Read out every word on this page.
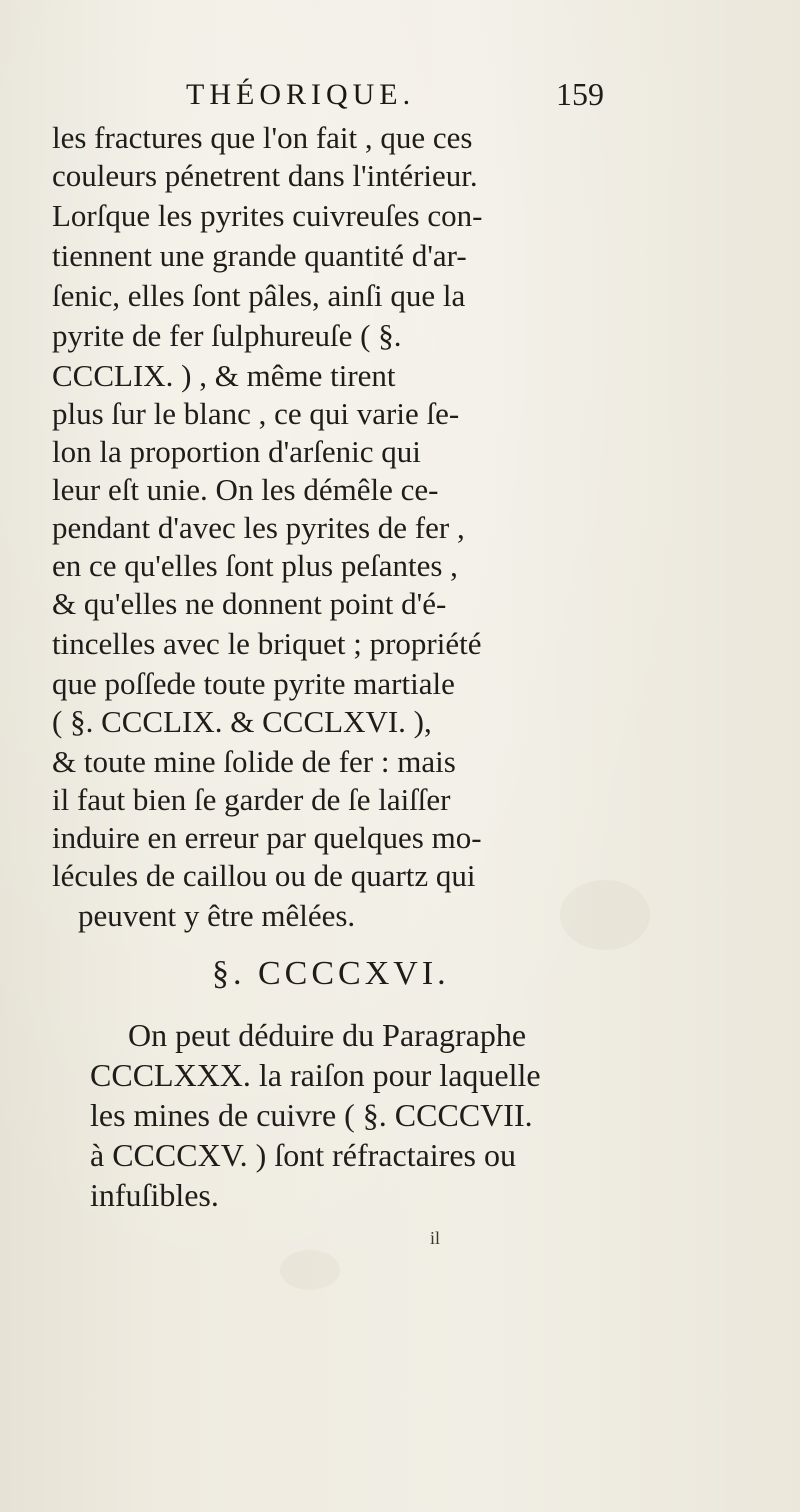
THÉORIQUE.	159
les fractures que l'on fait , que ces
couleurs pénetrent dans l'intérieur.
Lorſque les pyrites cuivreuſes con-
tiennent une grande quantité d'ar-
ſenic, elles ſont pâles, ainſi que la
pyrite de fer ſulphureuſe ( §.
CCCLIX. ) , & même tirent
plus ſur le blanc , ce qui varie ſe-
lon la proportion d'arſenic qui
leur eſt unie. On les démêle ce-
pendant d'avec les pyrites de fer ,
en ce qu'elles ſont plus peſantes ,
& qu'elles ne donnent point d'é-
tincelles avec le briquet ; propriété
que poſſede toute pyrite martiale
( §. CCCLIX. & CCCLXVI. ),
& toute mine ſolide de fer : mais
il faut bien ſe garder de ſe laiſſer
induire en erreur par quelques mo-
lécules de caillou ou de quartz qui
peuvent y être mêlées.
§. CCCCXVI.
On peut déduire du Paragraphe
CCCLXXX. la raiſon pour laquelle
les mines de cuivre ( §. CCCCVII.
à CCCCXV. ) ſont réfractaires ou
infuſibles.
il
